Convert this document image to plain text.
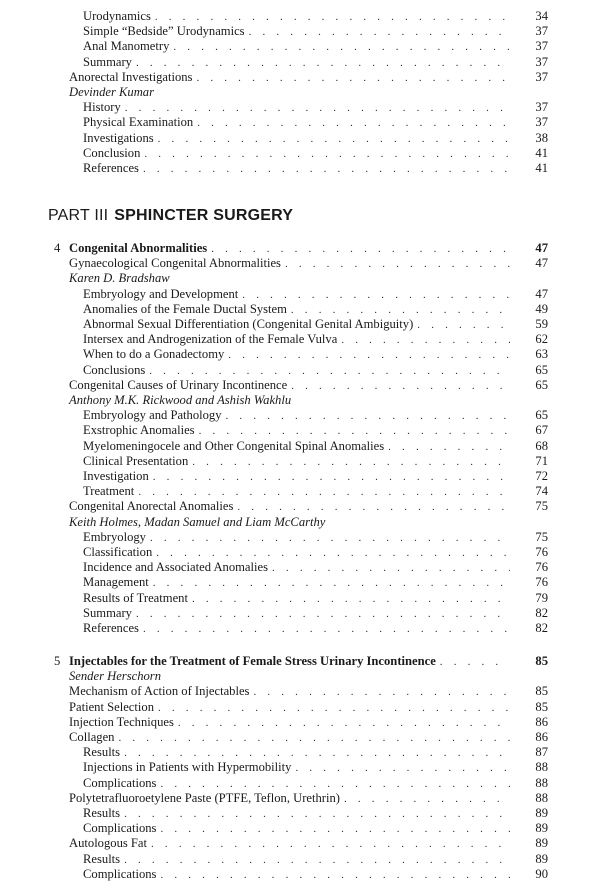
PART III SPHINCTER SURGERY
Urodynamics . . .	34
Simple “Bedside” Urodynamics . . .	37
Anal Manometry . . .	37
Summary . . .	37
Anorectal Investigations . . .	37
Devinder Kumar
History . . .	37
Physical Examination . . .	37
Investigations . . .	38
Conclusion . . .	41
References . . .	41
4 Congenital Abnormalities . . .	47
Gynaecological Congenital Abnormalities . . .	47
Karen D. Bradshaw
Embryology and Development . . .	47
Anomalies of the Female Ductal System . . .	49
Abnormal Sexual Differentiation (Congenital Genital Ambiguity) . . .	59
Intersex and Androgenization of the Female Vulva . . .	62
When to do a Gonadectomy . . .	63
Conclusions . . .	65
Congenital Causes of Urinary Incontinence . . .	65
Anthony M.K. Rickwood and Ashish Wakhlu
Embryology and Pathology . . .	65
Exstrophic Anomalies . . .	67
Myelomeningocele and Other Congenital Spinal Anomalies . . .	68
Clinical Presentation . . .	71
Investigation . . .	72
Treatment . . .	74
Congenital Anorectal Anomalies . . .	75
Keith Holmes, Madan Samuel and Liam McCarthy
Embryology . . .	75
Classification . . .	76
Incidence and Associated Anomalies . . .	76
Management . . .	76
Results of Treatment . . .	79
Summary . . .	82
References . . .	82
5 Injectables for the Treatment of Female Stress Urinary Incontinence . . .	85
Sender Herschorn
Mechanism of Action of Injectables . . .	85
Patient Selection . . .	85
Injection Techniques . . .	86
Collagen . . .	86
Results . . .	87
Injections in Patients with Hypermobility . . .	88
Complications . . .	88
Polytetrafluoroetylene Paste (PTFE, Teflon, Urethrin) . . .	88
Results . . .	89
Complications . . .	89
Autologous Fat . . .	89
Results . . .	89
Complications . . .	90
